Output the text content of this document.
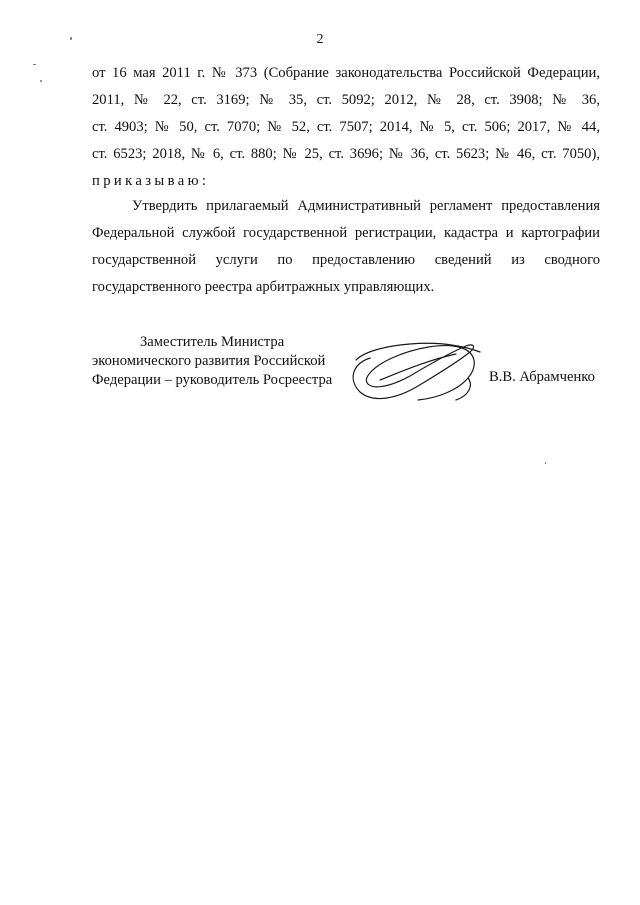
2

от 16 мая 2011 г. № 373 (Собрание законодательства Российской Федерации,

2011, № 22, ст. 3169; № 35, ст. 5092; 2012, № 28, ст. 3908; № 36,

ст. 4903; № 50, ст. 7070; № 52, ст. 7507; 2014, № 5, ст. 506; 2017, № 44,

ст. 6523; 2018, № 6, ст. 880; № 25, ст. 3696; № 36, ст. 5623; № 46, ст. 7050),

приказываю:

Утвердить прилагаемый Административный регламент предоставления

Федеральной службой государственной регистрации, кадастра и картографии

государственной услуги по предоставлению сведений из сводного

государственного реестра арбитражных управляющих.

Заместитель Министра
экономического развития Российской
Федерации – руководитель Росреестра	В.В. Абрамченко
